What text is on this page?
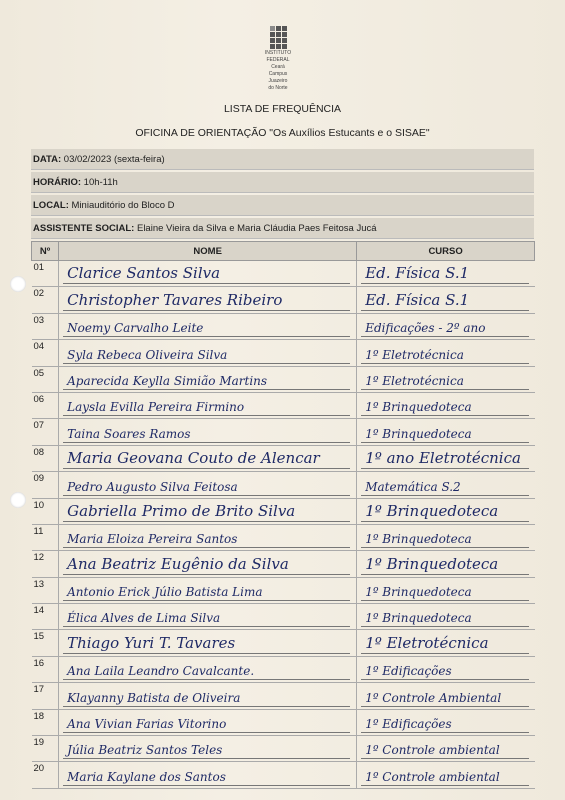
INSTITUTO
FEDERAL
Ceará
Campus
Juazeiro
do Norte
LISTA DE FREQUÊNCIA
OFICINA DE ORIENTAÇÃO "Os Auxílios Estucants e o SISAE"
DATA: 03/02/2023 (sexta-feira)
HORÁRIO: 10h-11h
LOCAL: Miniauditório do Bloco D
ASSISTENTE SOCIAL: Elaine Vieira da Silva e Maria Cláudia Paes Feitosa Jucá
Nº	NOME	CURSO
01	Clarice Santos Silva	Ed. Física S.1

02	Christopher Tavares Ribeiro	Ed. Física S.1

03	Noemy Carvalho Leite	Edificações - 2º ano

04	Syla Rebeca Oliveira Silva	1º Eletrotécnica

05	Aparecida Keylla Simião Martins	1º Eletrotécnica

06	Laysla Evilla Pereira Firmino	1º Brinquedoteca

07	Taina Soares Ramos	1º Brinquedoteca

08	Maria Geovana Couto de Alencar	1º ano Eletrotécnica

09	Pedro Augusto Silva Feitosa	Matemática S.2

10	Gabriella Primo de Brito Silva	1º Brinquedoteca

11	Maria Eloiza Pereira Santos	1º Brinquedoteca

12	Ana Beatriz Eugênio da Silva	1º Brinquedoteca

13	Antonio Erick Júlio Batista Lima	1º Brinquedoteca

14	Élica Alves de Lima Silva	1º Brinquedoteca

15	Thiago Yuri T. Tavares	1º Eletrotécnica

16	Ana Laila Leandro Cavalcante.	1º Edificações

17	Klayanny Batista de Oliveira	1º Controle Ambiental

18	Ana Vivian Farias Vitorino	1º Edificações

19	Júlia Beatriz Santos Teles	1º Controle ambiental

20	Maria Kaylane dos Santos	1º Controle ambiental
